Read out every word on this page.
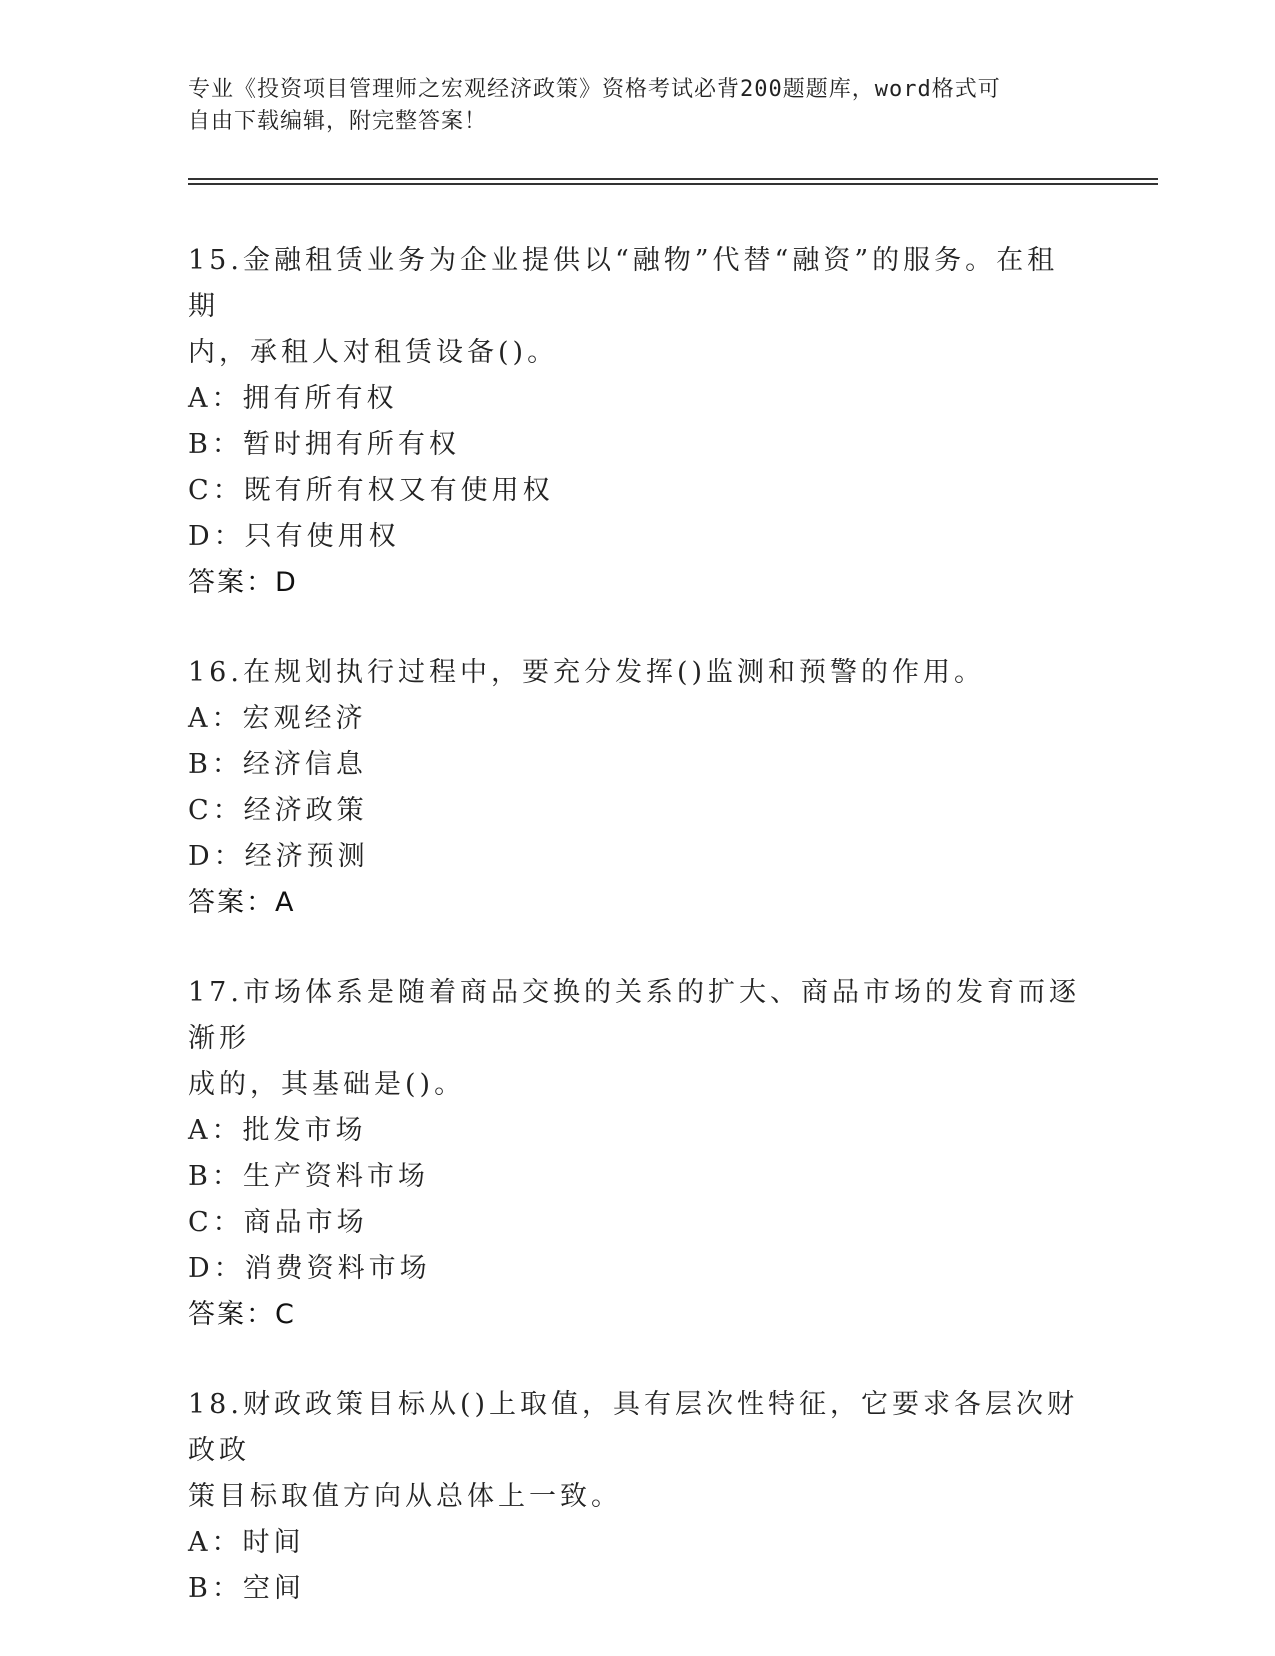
专业《投资项目管理师之宏观经济政策》资格考试必背200题题库，word格式可

自由下载编辑，附完整答案！

15.金融租赁业务为企业提供以“融物”代替“融资”的服务。在租期

内，承租人对租赁设备()。

A：拥有所有权

B：暂时拥有所有权

C：既有所有权又有使用权

D：只有使用权

答案：D

16.在规划执行过程中，要充分发挥()监测和预警的作用。

A：宏观经济

B：经济信息

C：经济政策

D：经济预测

答案：A

17.市场体系是随着商品交换的关系的扩大、商品市场的发育而逐渐形

成的，其基础是()。

A：批发市场

B：生产资料市场

C：商品市场

D：消费资料市场

答案：C

18.财政政策目标从()上取值，具有层次性特征，它要求各层次财政政

策目标取值方向从总体上一致。

A：时间

B：空间
